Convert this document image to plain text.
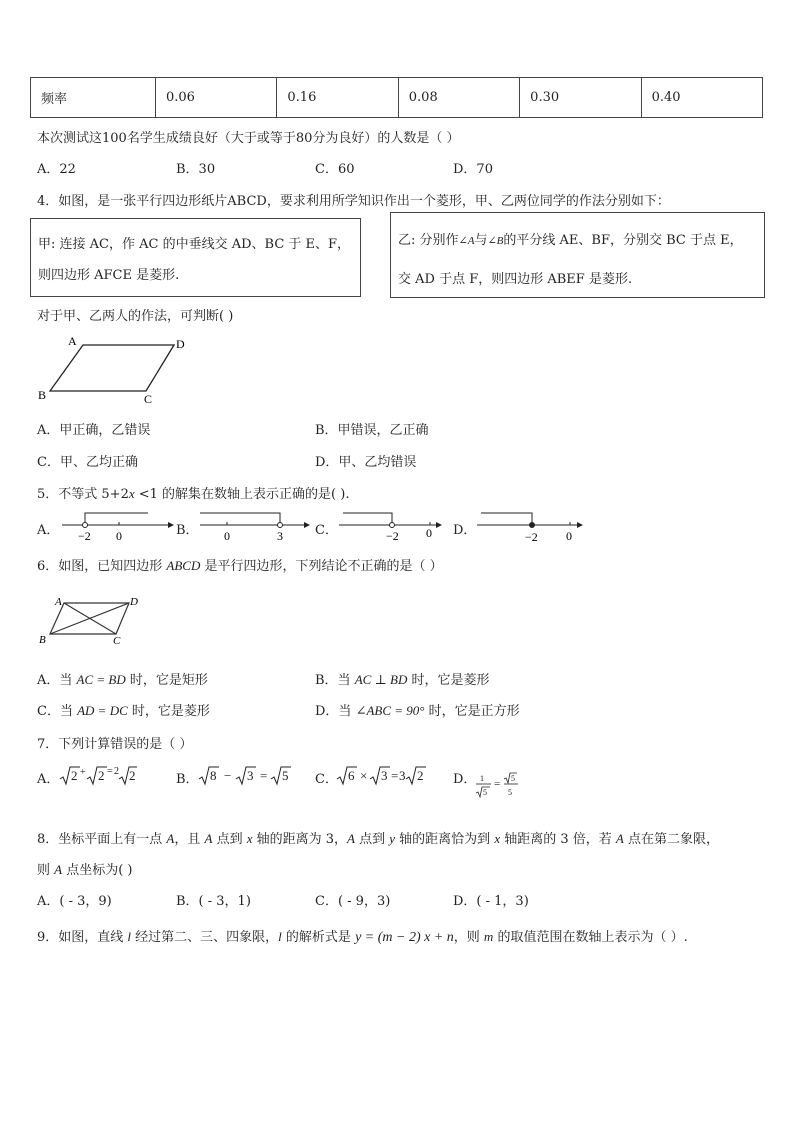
频率	0.06	0.16	0.08	0.30	0.40
本次测试这100名学生成绩良好（大于或等于80分为良好）的人数是（ ）
A．22	B．30	C．60	D．70
4．如图，是一张平行四边形纸片ABCD，要求利用所学知识作出一个菱形，甲、乙两位同学的作法分别如下：
甲: 连接 AC，作 AC 的中垂线交 AD、BC 于 E、F，
则四边形 AFCE 是菱形.
乙: 分别作∠A与∠B的平分线 AE、BF，分别交 BC 于点 E，
交 AD 于点 F，则四边形 ABEF 是菱形.
对于甲、乙两人的作法，可判断( )
A	D
B	C
A．甲正确，乙错误	B．甲错误，乙正确
C．甲、乙均正确	D．甲、乙均错误
5．不等式 5+2x <1 的解集在数轴上表示正确的是( ).
A． −2 0	B． 0	3 C．	−2 0 D．	−2 0
6．如图，已知四边形 ABCD 是平行四边形，下列结论不正确的是（ ）
A	D
B	C
A．当 AC = BD 时，它是矩形	B．当 AC ⊥ BD 时，它是菱形
C．当 AD = DC 时，它是菱形	D．当 ∠ABC = 90° 时，它是正方形
7．下列计算错误的是（ ）
A． 2 + 2 = 2 2	B． 8 − 3 = 5 C． 6 × 3 = 3 2 D． 1
5
= 5
5
8．坐标平面上有一点 A，且 A 点到 x 轴的距离为 3，A 点到 y 轴的距离恰为到 x 轴距离的 3 倍，若 A 点在第二象限，
则 A 点坐标为( )
A．( - 3，9)	B．( - 3，1)	C．( - 9，3)	D．( - 1，3)
9．如图，直线 l 经过第二、三、四象限，l 的解析式是 y = (m − 2) x + n，则 m 的取值范围在数轴上表示为（ ）.
